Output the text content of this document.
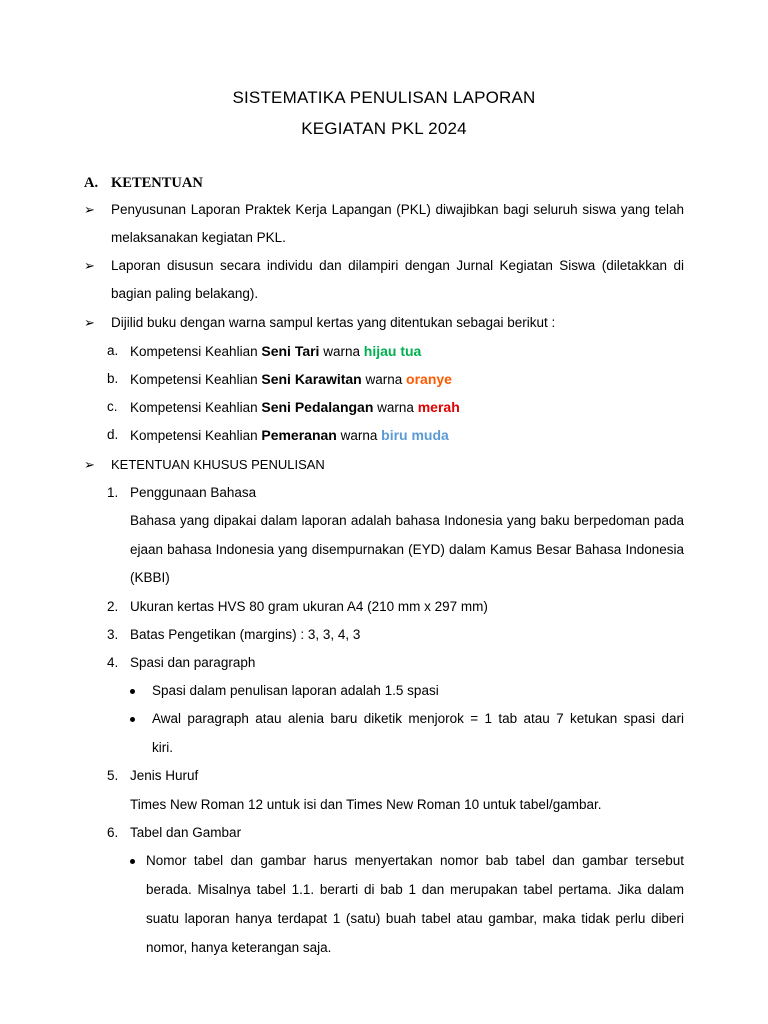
SISTEMATIKA PENULISAN LAPORAN
KEGIATAN PKL 2024
A. KETENTUAN
➢ Penyusunan Laporan Praktek Kerja Lapangan (PKL) diwajibkan bagi seluruh siswa yang telah
melaksanakan kegiatan PKL.
➢ Laporan disusun secara individu dan dilampiri dengan Jurnal Kegiatan Siswa (diletakkan di
bagian paling belakang).
➢ Dijilid buku dengan warna sampul kertas yang ditentukan sebagai berikut :
a. Kompetensi Keahlian Seni Tari warna hijau tua
b. Kompetensi Keahlian Seni Karawitan warna oranye
c. Kompetensi Keahlian Seni Pedalangan warna merah
d. Kompetensi Keahlian Pemeranan warna biru muda
➢ KETENTUAN KHUSUS PENULISAN
1. Penggunaan Bahasa
Bahasa yang dipakai dalam laporan adalah bahasa Indonesia yang baku berpedoman pada
ejaan bahasa Indonesia yang disempurnakan (EYD) dalam Kamus Besar Bahasa Indonesia
(KBBI)
2. Ukuran kertas HVS 80 gram ukuran A4 (210 mm x 297 mm)
3. Batas Pengetikan (margins) : 3, 3, 4, 3
4. Spasi dan paragraph
Spasi dalam penulisan laporan adalah 1.5 spasi
Awal paragraph atau alenia baru diketik menjorok = 1 tab atau 7 ketukan spasi dari
kiri.
5. Jenis Huruf
Times New Roman 12 untuk isi dan Times New Roman 10 untuk tabel/gambar.
6. Tabel dan Gambar
Nomor tabel dan gambar harus menyertakan nomor bab tabel dan gambar tersebut
berada. Misalnya tabel 1.1. berarti di bab 1 dan merupakan tabel pertama. Jika dalam
suatu laporan hanya terdapat 1 (satu) buah tabel atau gambar, maka tidak perlu diberi
nomor, hanya keterangan saja.
